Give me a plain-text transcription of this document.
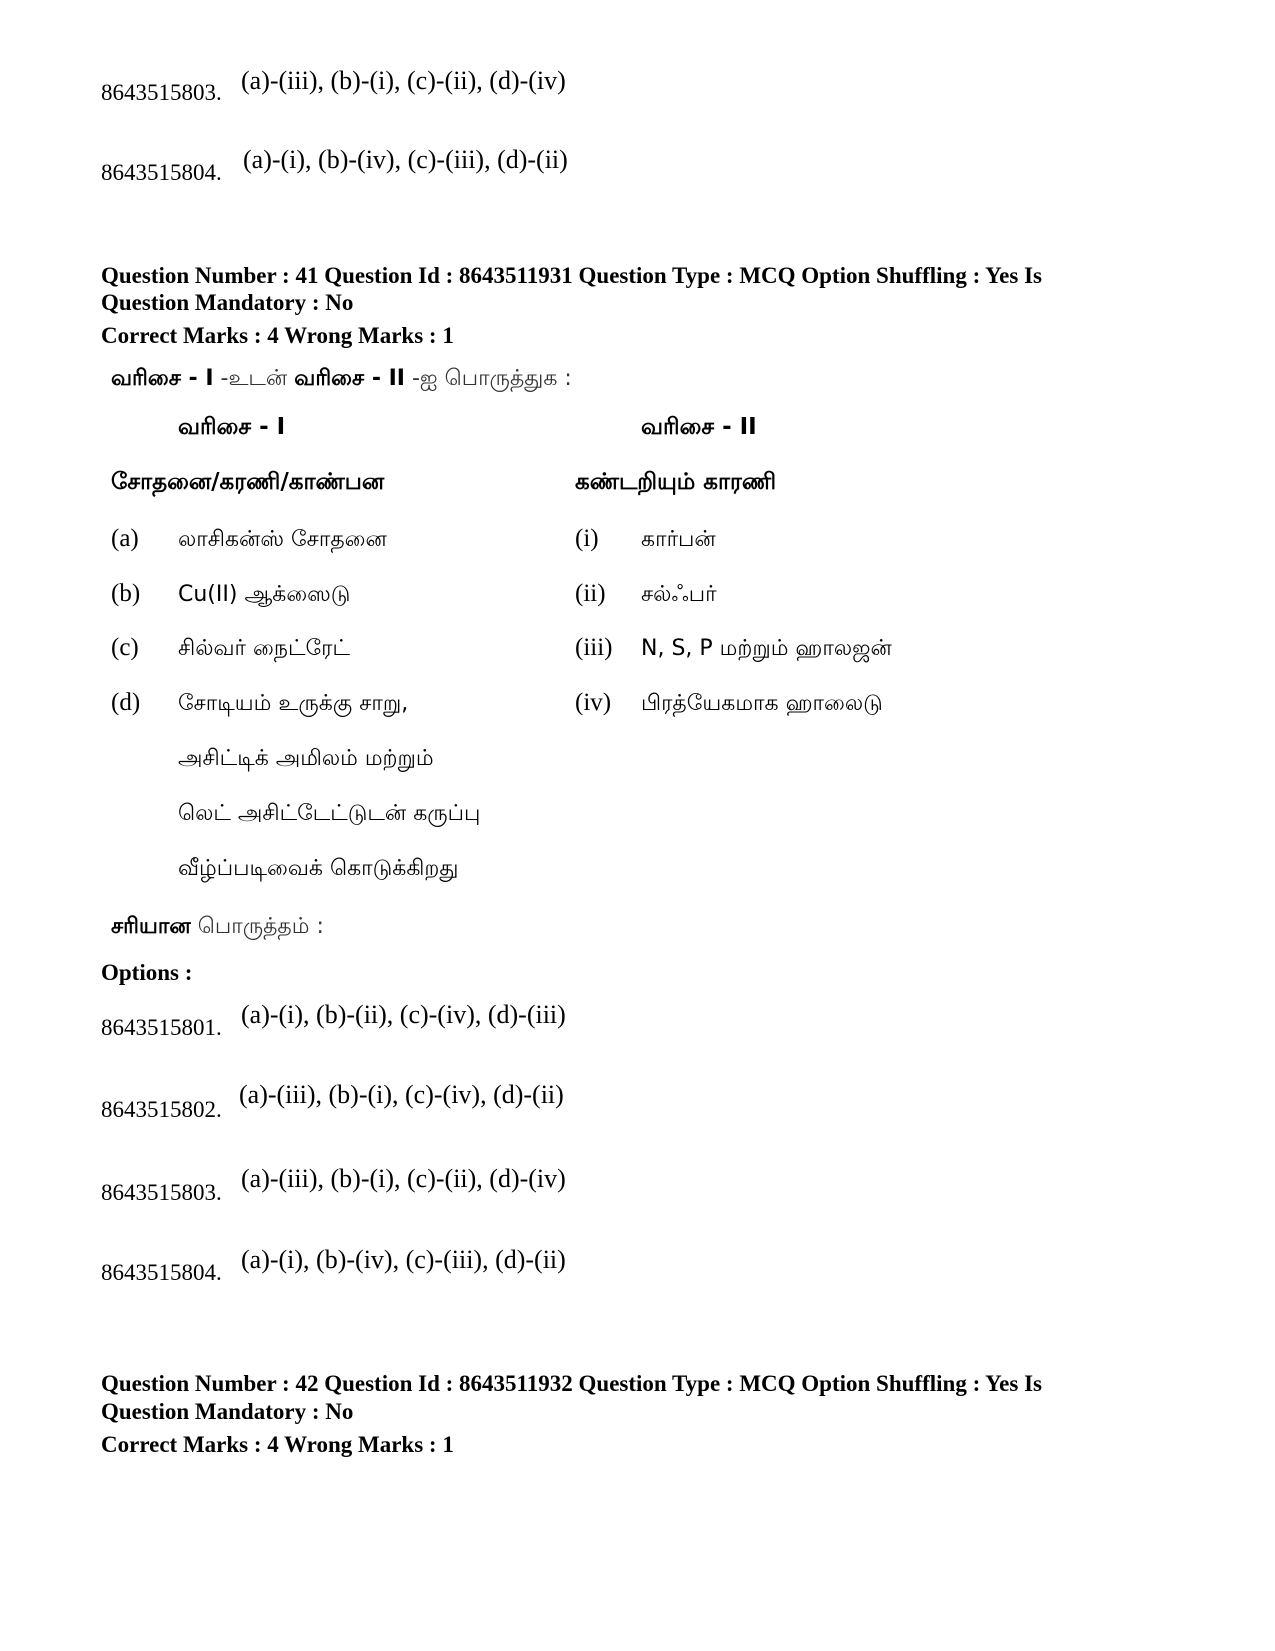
8643515803. (a)-(iii), (b)-(i), (c)-(ii), (d)-(iv)
8643515804. (a)-(i), (b)-(iv), (c)-(iii), (d)-(ii)
Question Number : 41 Question Id : 8643511931 Question Type : MCQ Option Shuffling : Yes Is
Question Mandatory : No
Correct Marks : 4 Wrong Marks : 1
வரிசை - I -உடன் வரிசை - II -ஐ பொருத்துக :
வரிசை - I	வரிசை - II
சோதனை/கரணி/காண்பன	கண்டறியும் காரணி
(a) லாசிகன்ஸ் சோதனை	(i) கார்பன்
(b) Cu(II) ஆக்ஸைடு	(ii) சல்ஃபர்
(c) சில்வர் நைட்ரேட்	(iii) N, S, P மற்றும் ஹாலஜன்
(d) சோடியம் உருக்கு சாறு,	(iv) பிரத்யேகமாக ஹாலைடு
அசிட்டிக் அமிலம் மற்றும்
லெட் அசிட்டேட்டுடன் கருப்பு
வீழ்ப்படிவைக் கொடுக்கிறது
சரியான பொருத்தம் :
Options :
8643515801. (a)-(i), (b)-(ii), (c)-(iv), (d)-(iii)
8643515802.
(a)-(iii), (b)-(i), (c)-(iv), (d)-(ii)
8643515803. (a)-(iii), (b)-(i), (c)-(ii), (d)-(iv)
8643515804. (a)-(i), (b)-(iv), (c)-(iii), (d)-(ii)
Question Number : 42 Question Id : 8643511932 Question Type : MCQ Option Shuffling : Yes Is
Question Mandatory : No
Correct Marks : 4 Wrong Marks : 1
